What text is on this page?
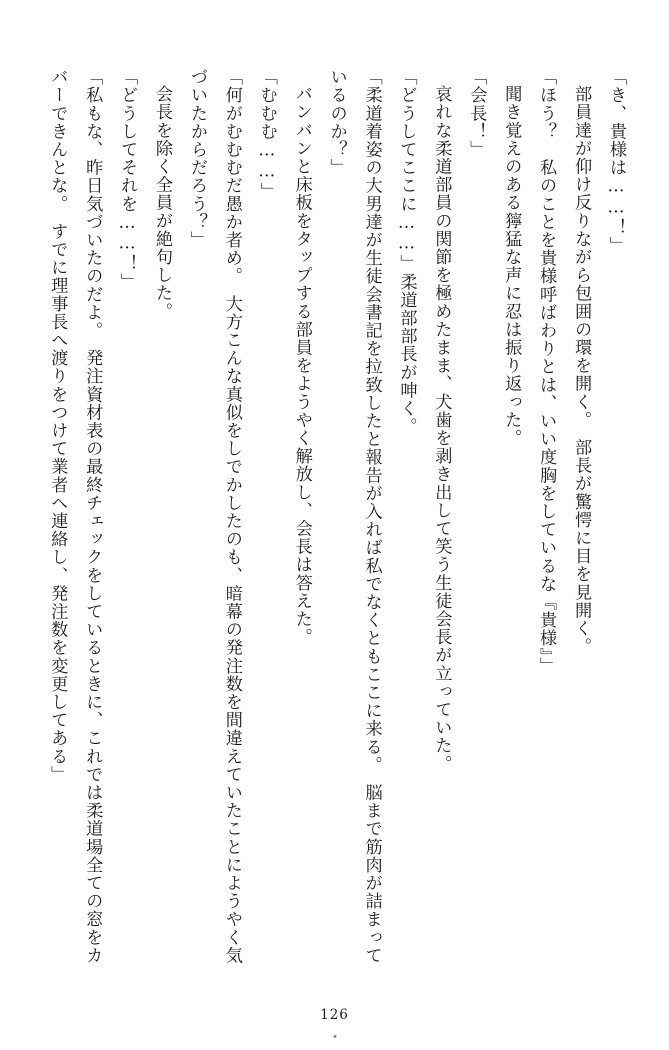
「き、貴様は……！」

部員達が仰け反りながら包囲の環を開く。　部長が驚愕に目を見開く。

「ほう？　私のことを貴様呼ばわりとは、いい度胸をしているな『貴様』」

聞き覚えのある獰猛な声に忍は振り返った。

「会長！」

哀れな柔道部員の関節を極めたまま、犬歯を剥き出して笑う生徒会長が立っていた。

「どうしてここに……」柔道部部長が呻く。

「柔道着姿の大男達が生徒会書記を拉致したと報告が入れば私でなくともここに来る。　脳まで筋肉が詰まっているのか？」

バンバンと床板をタップする部員をようやく解放し、会長は答えた。

「むむむ……」

「何がむむむだ愚か者め。　大方こんな真似をしでかしたのも、暗幕の発注数を間違えていたことにようやく気づいたからだろう？」

会長を除く全員が絶句した。

「どうしてそれを……！」

「私もな、昨日気づいたのだよ。　発注資材表の最終チェックをしているときに、これでは柔道場全ての窓をカバーできんとな。　すでに理事長へ渡りをつけて業者へ連絡し、発注数を変更してある」

126
